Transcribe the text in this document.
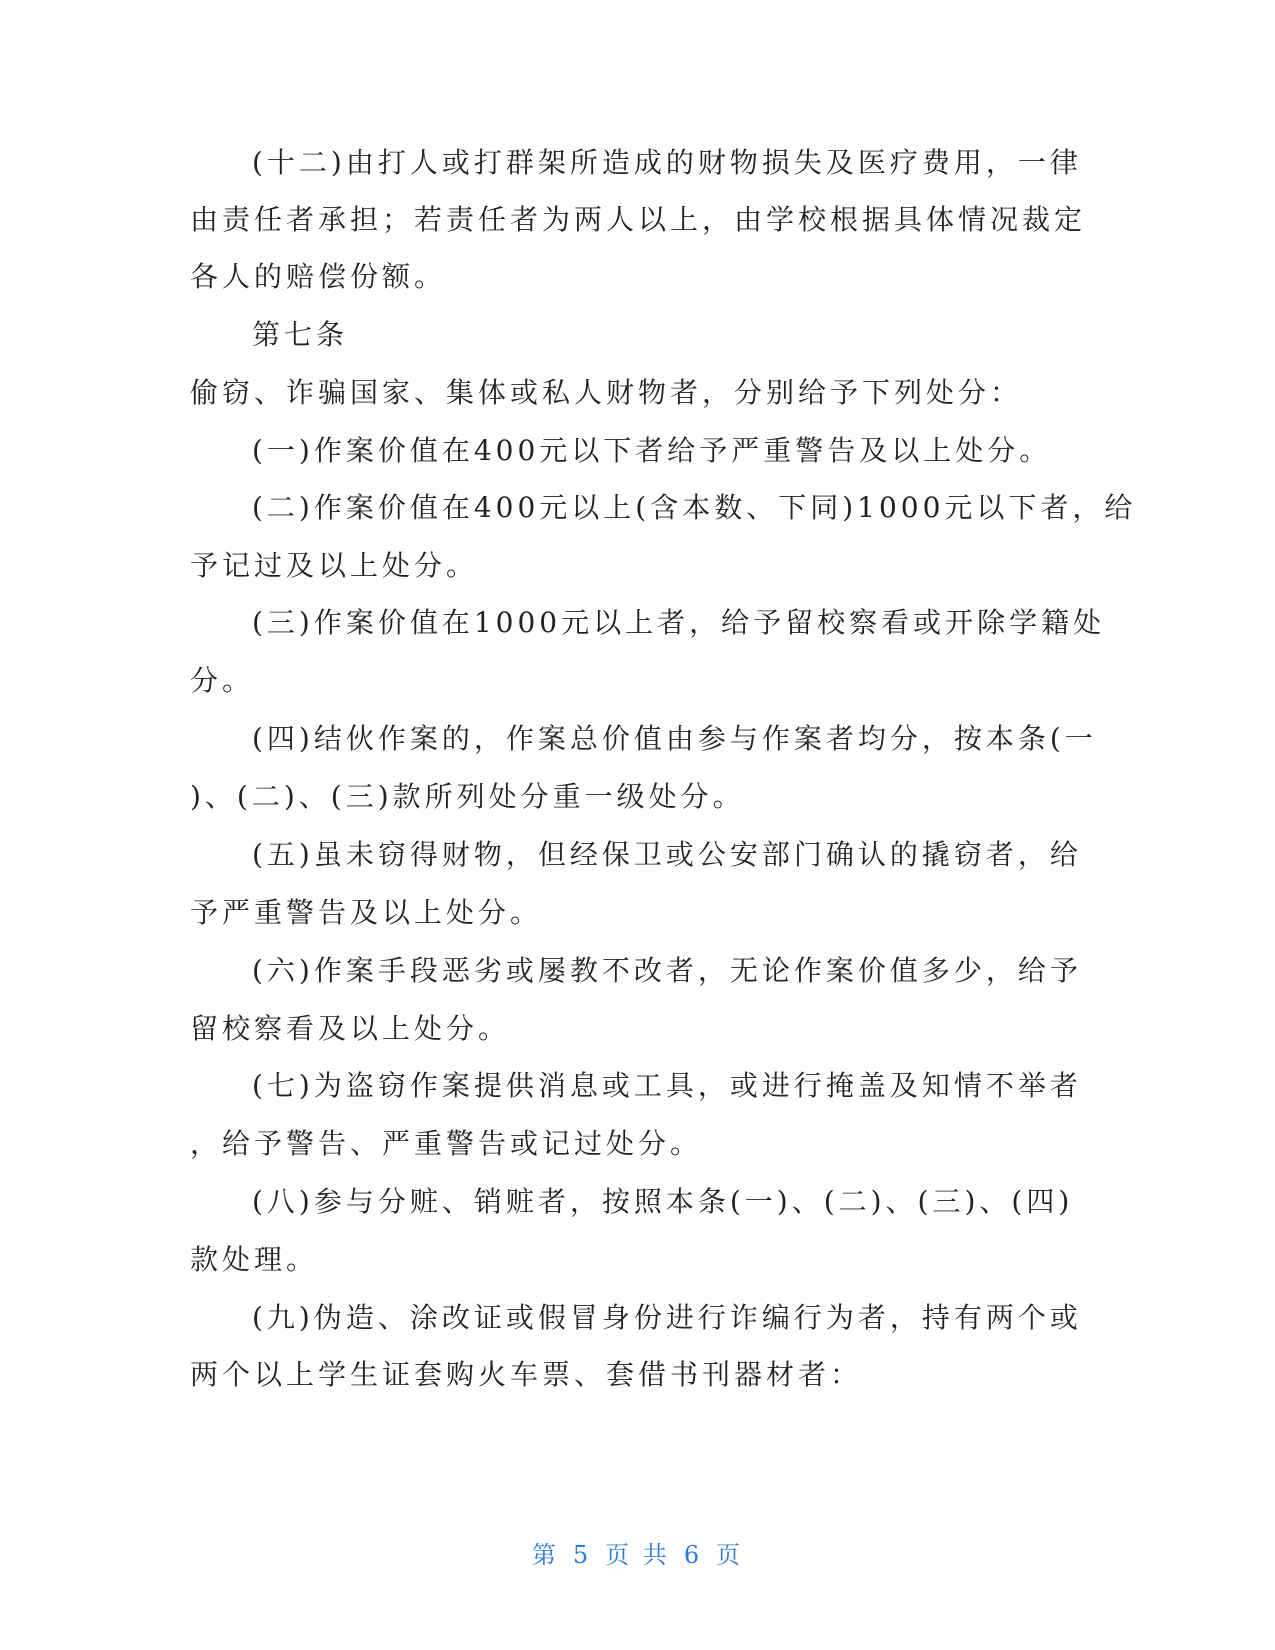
(十二)由打人或打群架所造成的财物损失及医疗费用，一律
由责任者承担；若责任者为两人以上，由学校根据具体情况裁定
各人的赔偿份额。
第七条
偷窃、诈骗国家、集体或私人财物者，分别给予下列处分：
(一)作案价值在400元以下者给予严重警告及以上处分。
(二)作案价值在400元以上(含本数、下同)1000元以下者，给
予记过及以上处分。
(三)作案价值在1000元以上者，给予留校察看或开除学籍处
分。
(四)结伙作案的，作案总价值由参与作案者均分，按本条(一
)、(二)、(三)款所列处分重一级处分。
(五)虽未窃得财物，但经保卫或公安部门确认的撬窃者，给
予严重警告及以上处分。
(六)作案手段恶劣或屡教不改者，无论作案价值多少，给予
留校察看及以上处分。
(七)为盗窃作案提供消息或工具，或进行掩盖及知情不举者
，给予警告、严重警告或记过处分。
(八)参与分赃、销赃者，按照本条(一)、(二)、(三)、(四)
款处理。
(九)伪造、涂改证或假冒身份进行诈编行为者，持有两个或
两个以上学生证套购火车票、套借书刊器材者：
第 5 页 共 6 页
